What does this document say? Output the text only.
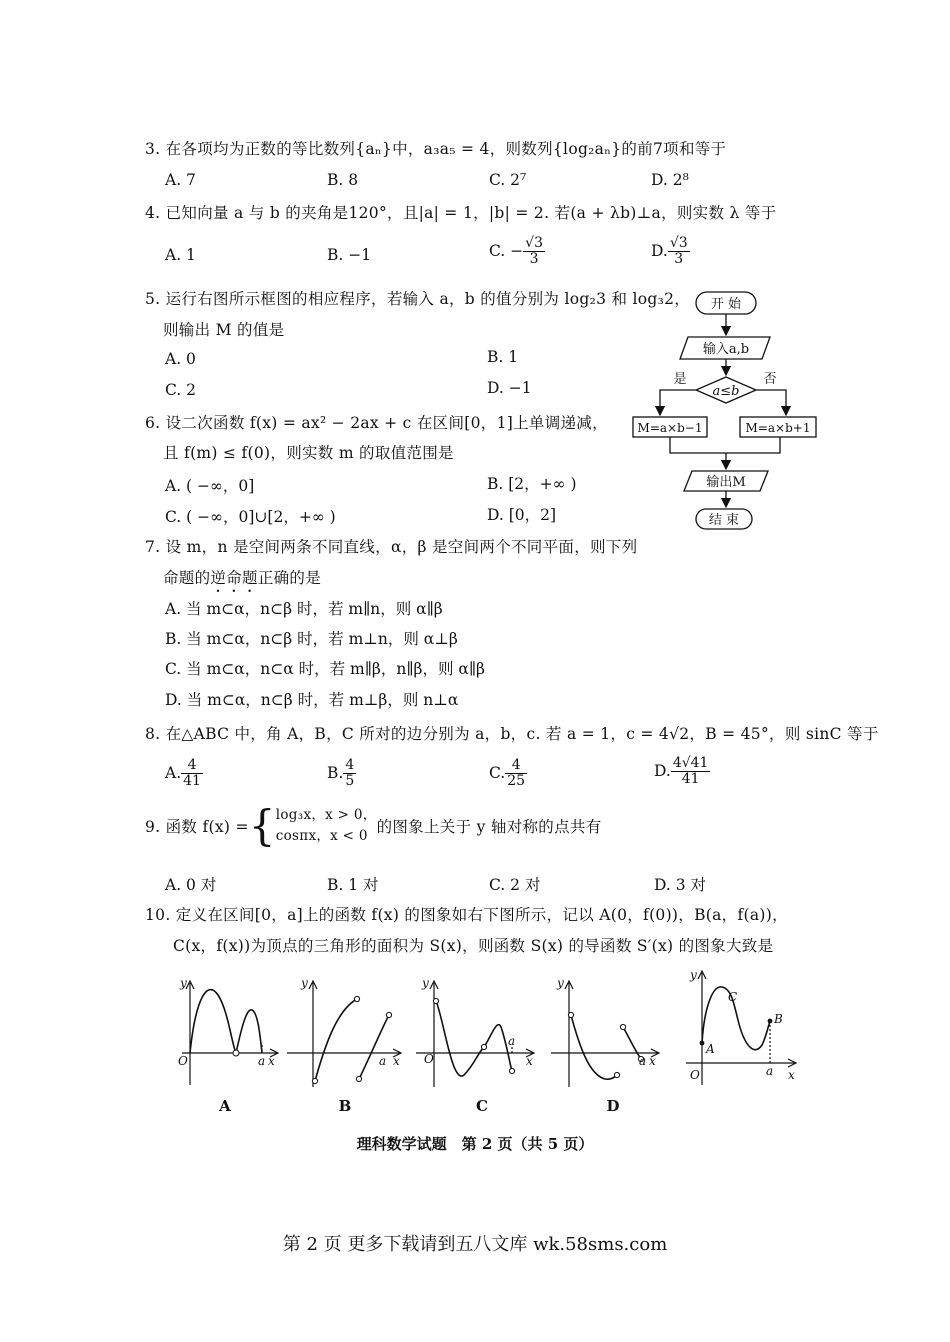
3. 在各项均为正数的等比数列{aₙ}中，a₃a₅ = 4，则数列{log₂aₙ}的前7项和等于
A. 7	B. 8	C. 2⁷	D. 2⁸
4. 已知向量 a 与 b 的夹角是120°，且|a| = 1，|b| = 2. 若(a + λb)⊥a，则实数 λ 等于
A. 1	B. −1	C. − $\frac{√3}{3}$	D. $\frac{√3}{3}$
5. 运行右图所示框图的相应程序，若输入 a，b 的值分别为 log₂3 和 log₃2，
则输出 M 的值是
A. 0	B. 1
C. 2	D. −1
开 始
输入a,b
a≤b
是	否
M=a×b−1	M=a×b+1
输出M
结 束
6. 设二次函数 f(x) = ax² − 2ax + c 在区间[0，1]上单调递减，
且 f(m) ≤ f(0)，则实数 m 的取值范围是
A. ( −∞，0]	B. [2，+∞ )
C. ( −∞，0]∪[2，+∞ )	D. [0，2]
7. 设 m，n 是空间两条不同直线，α，β 是空间两个不同平面，则下列
命题的逆命题正确的是
A. 当 m⊂α，n⊂β 时，若 m∥n，则 α∥β
B. 当 m⊂α，n⊂β 时，若 m⊥n，则 α⊥β
C. 当 m⊂α，n⊂α 时，若 m∥β，n∥β，则 α∥β
D. 当 m⊂α，n⊂β 时，若 m⊥β，则 n⊥α
8. 在△ABC 中，角 A，B，C 所对的边分别为 a，b，c. 若 a = 1，c = 4√2，B = 45°，则 sinC 等于
A. $\frac{4}{41}$	B. $\frac{4}{5}$	C. $\frac{4}{25}$	D. $\frac{4√41}{41}$
9. 函数 f(x) ={ log₃x，x > 0，
cosπx，x < 0 的图象上关于 y 轴对称的点共有
A. 0 对	B. 1 对	C. 2 对	D. 3 对
10. 定义在区间[0，a]上的函数 f(x) 的图象如右下图所示，记以 A(0，f(0))，B(a，f(a))，
C(x，f(x))为顶点的三角形的面积为 S(x)，则函数 S(x) 的导函数 S′(x) 的图象大致是
y
O	a x
A
y
a x
B
y
O
a
x
C
y
a x
D
y
O	a x
A
B
C
理科数学试题　第 2 页（共 5 页）
第 2 页 更多下载请到五八文库 wk.58sms.com
